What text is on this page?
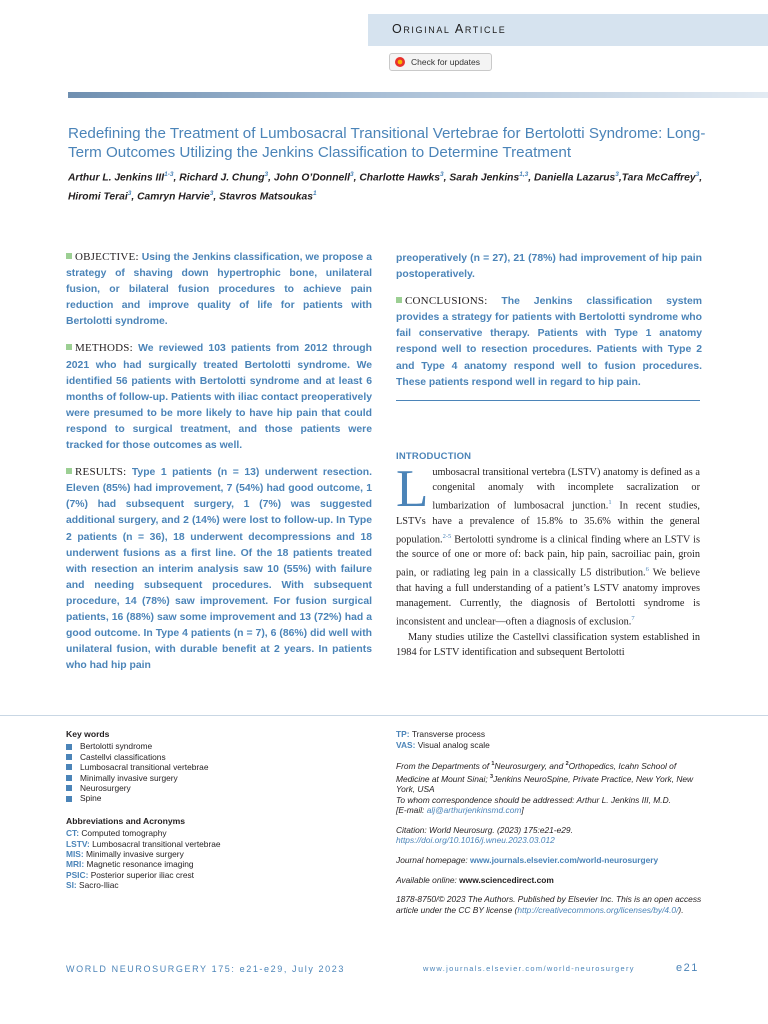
Original Article
Check for updates
Redefining the Treatment of Lumbosacral Transitional Vertebrae for Bertolotti Syndrome: Long-Term Outcomes Utilizing the Jenkins Classification to Determine Treatment
Arthur L. Jenkins III$^{1-3}$, Richard J. Chung$^3$, John O’Donnell$^3$, Charlotte Hawks$^3$, Sarah Jenkins$^{1,3}$, Daniella Lazarus$^3$,Tara McCaffrey$^3$, Hiromi Terai$^3$, Camryn Harvie$^3$, Stavros Matsoukas$^1$

OBJECTIVE: Using the Jenkins classification, we propose a strategy of shaving down hypertrophic bone, unilateral fusion, or bilateral fusion procedures to achieve pain reduction and improve quality of life for patients with Bertolotti syndrome.

METHODS: We reviewed 103 patients from 2012 through 2021 who had surgically treated Bertolotti syndrome. We identified 56 patients with Bertolotti syndrome and at least 6 months of follow-up. Patients with iliac contact preoperatively were presumed to be more likely to have hip pain that could respond to surgical treatment, and those patients were tracked for those outcomes as well.

RESULTS: Type 1 patients (n = 13) underwent resection. Eleven (85%) had improvement, 7 (54%) had good outcome, 1 (7%) had subsequent surgery, 1 (7%) was suggested additional surgery, and 2 (14%) were lost to follow-up. In Type 2 patients (n = 36), 18 underwent decompressions and 18 underwent fusions as a first line. Of the 18 patients treated with resection an interim analysis saw 10 (55%) with failure and needing subsequent procedures. With subsequent procedure, 14 (78%) saw improvement. For fusion surgical patients, 16 (88%) saw some improvement and 13 (72%) had a good outcome. In Type 4 patients (n = 7), 6 (86%) did well with unilateral fusion, with durable benefit at 2 years. In patients who had hip pain

preoperatively (n = 27), 21 (78%) had improvement of hip pain postoperatively.

CONCLUSIONS: The Jenkins classification system provides a strategy for patients with Bertolotti syndrome who fail conservative therapy. Patients with Type 1 anatomy respond well to resection procedures. Patients with Type 2 and Type 4 anatomy respond well to fusion procedures. These patients respond well in regard to hip pain.

INTRODUCTION

Lumbosacral transitional vertebra (LSTV) anatomy is defined as a congenital anomaly with incomplete sacralization or lumbarization of lumbosacral junction.$^1$ In recent studies, LSTVs have a prevalence of 15.8% to 35.6% within the general population.$^{2-5}$ Bertolotti syndrome is a clinical finding where an LSTV is the source of one or more of: back pain, hip pain, sacroiliac pain, groin pain, or radiating leg pain in a classically L5 distribution.$^6$ We believe that having a full understanding of a patient’s LSTV anatomy improves management. Currently, the diagnosis of Bertolotti syndrome is inconsistent and unclear—often a diagnosis of exclusion.$^7$

Many studies utilize the Castellvi classification system established in 1984 for LSTV identification and subsequent Bertolotti

Key words
Bertolotti syndrome
Castellvi classifications
Lumbosacral transitional vertebrae
Minimally invasive surgery
Neurosurgery
Spine
Abbreviations and Acronyms
CT: Computed tomography
LSTV: Lumbosacral transitional vertebrae
MIS: Minimally invasive surgery
MRI: Magnetic resonance imaging
PSIC: Posterior superior iliac crest
SI: Sacro-Iliac
TP: Transverse process
VAS: Visual analog scale

From the Departments of $^1$Neurosurgery, and $^2$Orthopedics, Icahn School of Medicine at Mount Sinai; $^3$Jenkins NeuroSpine, Private Practice, New York, New York, USA

To whom correspondence should be addressed: Arthur L. Jenkins III, M.D.

[E-mail: alj@arthurjenkinsmd.com]

Citation: World Neurosurg. (2023) 175:e21-e29.

https://doi.org/10.1016/j.wneu.2023.03.012

Journal homepage: www.journals.elsevier.com/world-neurosurgery

Available online: www.sciencedirect.com

1878-8750/© 2023 The Authors. Published by Elsevier Inc. This is an open access article under the CC BY license (http://creativecommons.org/licenses/by/4.0/).

WORLD NEUROSURGERY 175: e21-e29, July 2023	www.journals.elsevier.com/world-neurosurgery	e21
